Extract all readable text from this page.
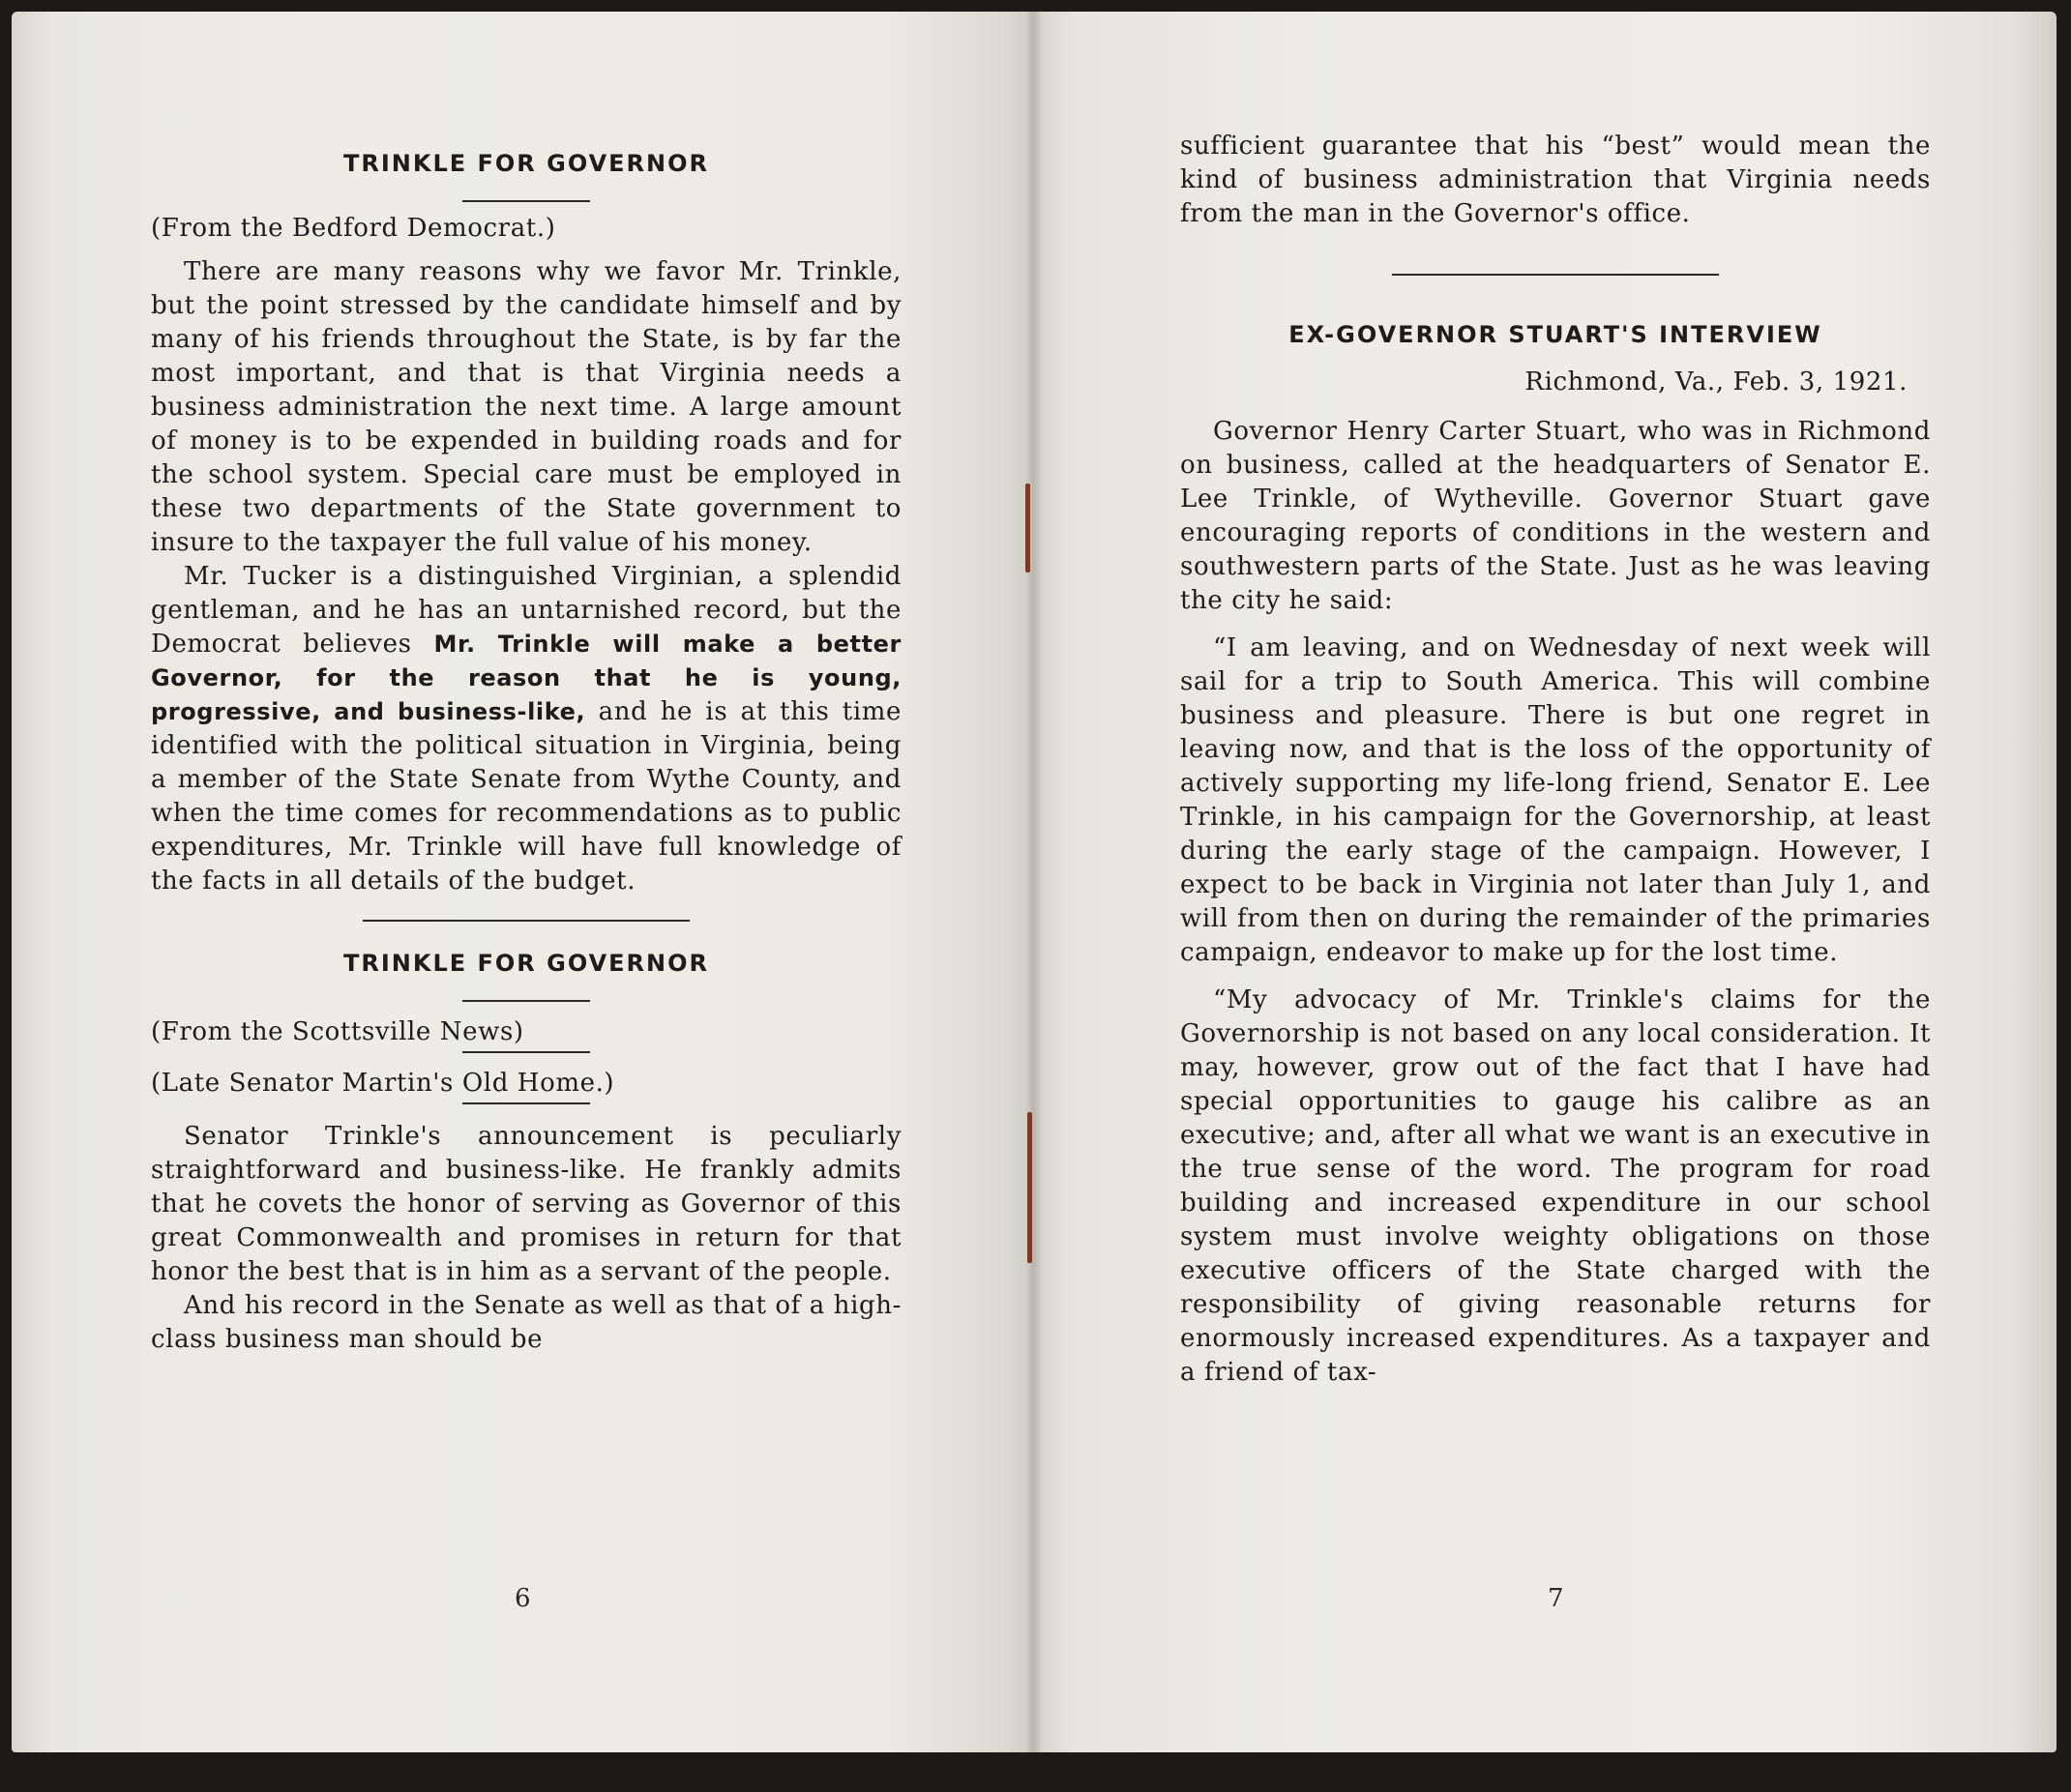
TRINKLE FOR GOVERNOR

(From the Bedford Democrat.)

There are many reasons why we favor Mr. Trinkle, but the point stressed by the candidate himself and by many of his friends throughout the State, is by far the most important, and that is that Virginia needs a business administration the next time. A large amount of money is to be expended in building roads and for the school system. Special care must be employed in these two departments of the State government to insure to the taxpayer the full value of his money.

Mr. Tucker is a distinguished Virginian, a splendid gentleman, and he has an untarnished record, but the Democrat believes Mr. Trinkle will make a better Governor, for the reason that he is young, progressive, and business-like, and he is at this time identified with the political situation in Virginia, being a member of the State Senate from Wythe County, and when the time comes for recommendations as to public expenditures, Mr. Trinkle will have full knowledge of the facts in all details of the budget.

TRINKLE FOR GOVERNOR

(From the Scottsville News)

(Late Senator Martin's Old Home.)

Senator Trinkle's announcement is peculiarly straightforward and business-like. He frankly admits that he covets the honor of serving as Governor of this great Commonwealth and promises in return for that honor the best that is in him as a servant of the people.

And his record in the Senate as well as that of a high-class business man should be

6

sufficient guarantee that his “best” would mean the kind of business administration that Virginia needs from the man in the Governor's office.

EX-GOVERNOR STUART'S INTERVIEW

Richmond, Va., Feb. 3, 1921.

Governor Henry Carter Stuart, who was in Richmond on business, called at the headquarters of Senator E. Lee Trinkle, of Wytheville. Governor Stuart gave encouraging reports of conditions in the western and southwestern parts of the State. Just as he was leaving the city he said:

“I am leaving, and on Wednesday of next week will sail for a trip to South America. This will combine business and pleasure. There is but one regret in leaving now, and that is the loss of the opportunity of actively supporting my life-long friend, Senator E. Lee Trinkle, in his campaign for the Governorship, at least during the early stage of the campaign. However, I expect to be back in Virginia not later than July 1, and will from then on during the remainder of the primaries campaign, endeavor to make up for the lost time.

“My advocacy of Mr. Trinkle's claims for the Governorship is not based on any local consideration. It may, however, grow out of the fact that I have had special opportunities to gauge his calibre as an executive; and, after all what we want is an executive in the true sense of the word. The program for road building and increased expenditure in our school system must involve weighty obligations on those executive officers of the State charged with the responsibility of giving reasonable returns for enormously increased expenditures. As a taxpayer and a friend of tax-

7
